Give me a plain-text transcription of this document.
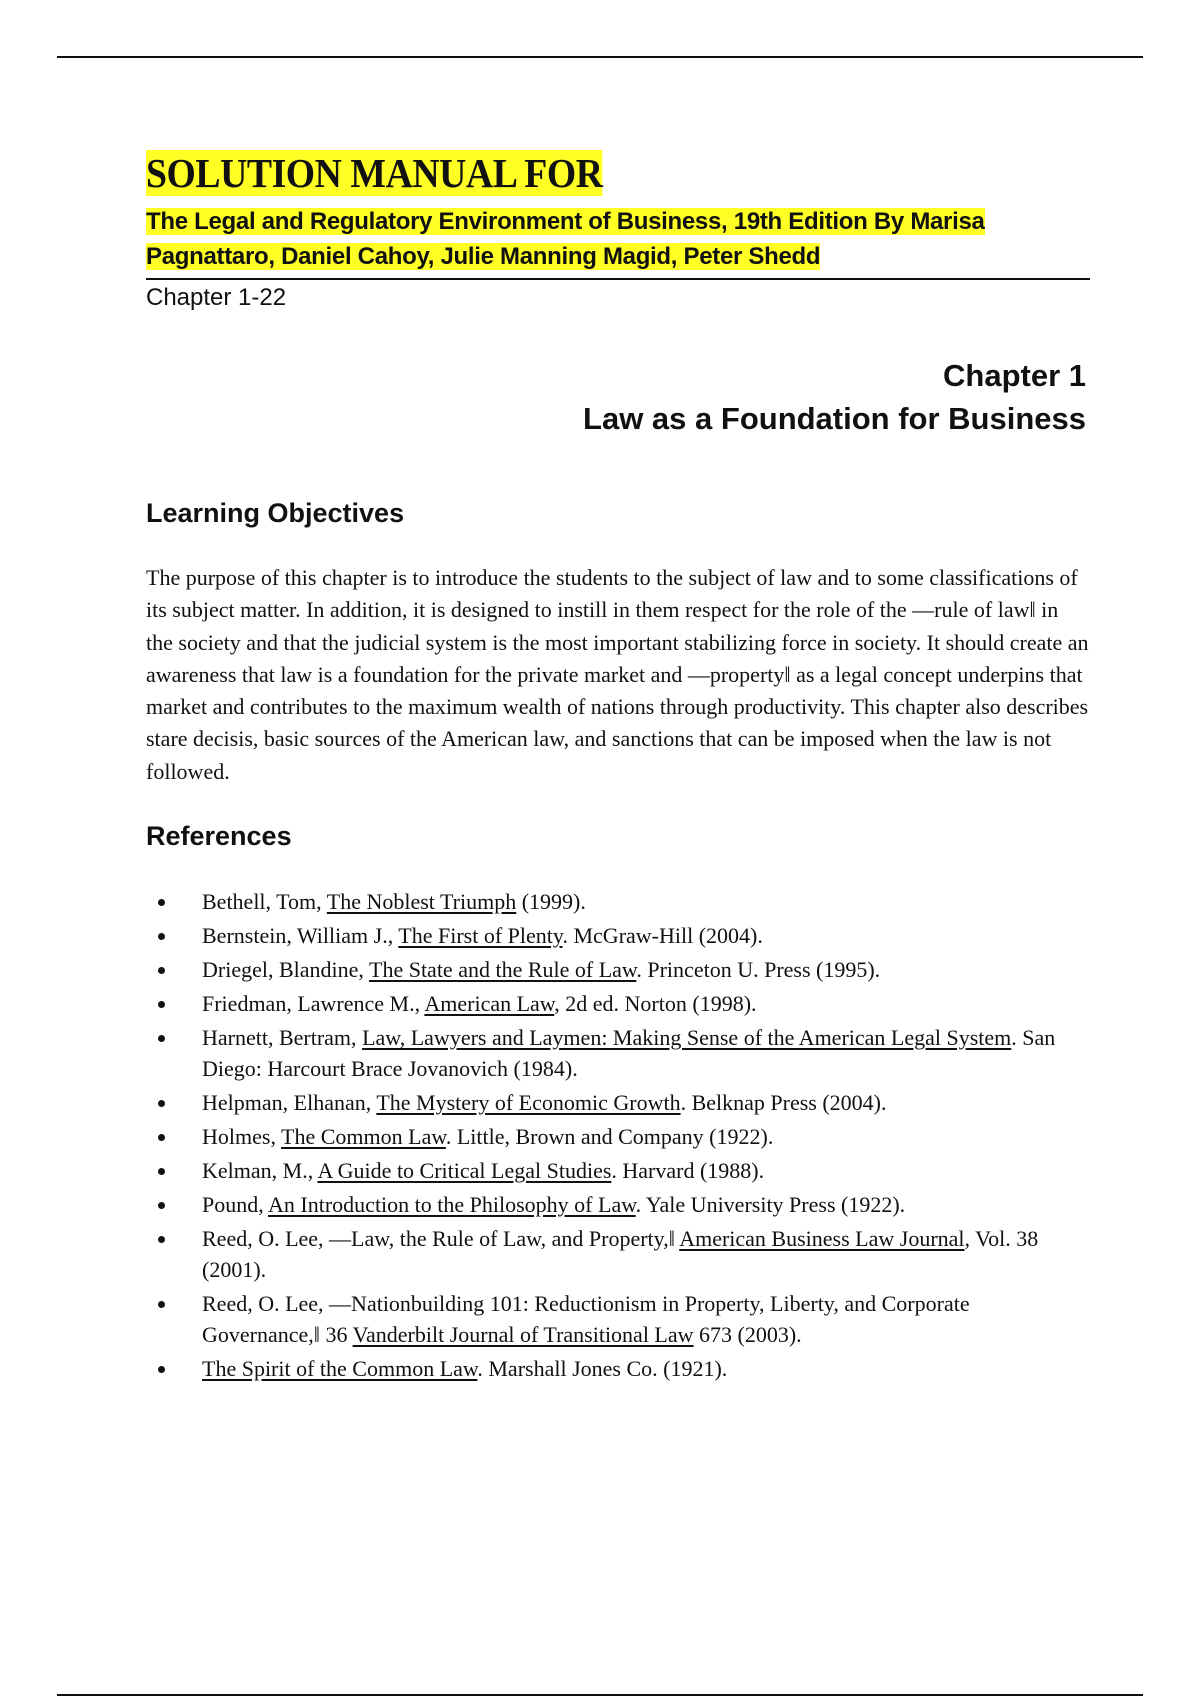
SOLUTION MANUAL FOR
The Legal and Regulatory Environment of Business, 19th Edition By Marisa Pagnattaro, Daniel Cahoy, Julie Manning Magid, Peter Shedd
Chapter 1-22
Chapter 1
Law as a Foundation for Business
Learning Objectives
The purpose of this chapter is to introduce the students to the subject of law and to some classifications of its subject matter. In addition, it is designed to instill in them respect for the role of the —rule of law‖ in the society and that the judicial system is the most important stabilizing force in society. It should create an awareness that law is a foundation for the private market and —property‖ as a legal concept underpins that market and contributes to the maximum wealth of nations through productivity. This chapter also describes stare decisis, basic sources of the American law, and sanctions that can be imposed when the law is not followed.
References
Bethell, Tom, The Noblest Triumph (1999).
Bernstein, William J., The First of Plenty. McGraw-Hill (2004).
Driegel, Blandine, The State and the Rule of Law. Princeton U. Press (1995).
Friedman, Lawrence M., American Law, 2d ed. Norton (1998).
Harnett, Bertram, Law, Lawyers and Laymen: Making Sense of the American Legal System. San Diego: Harcourt Brace Jovanovich (1984).
Helpman, Elhanan, The Mystery of Economic Growth. Belknap Press (2004).
Holmes, The Common Law. Little, Brown and Company (1922).
Kelman, M., A Guide to Critical Legal Studies. Harvard (1988).
Pound, An Introduction to the Philosophy of Law. Yale University Press (1922).
Reed, O. Lee, —Law, the Rule of Law, and Property,‖ American Business Law Journal, Vol. 38 (2001).
Reed, O. Lee, —Nationbuilding 101: Reductionism in Property, Liberty, and Corporate Governance,‖ 36 Vanderbilt Journal of Transitional Law 673 (2003).
The Spirit of the Common Law. Marshall Jones Co. (1921).
